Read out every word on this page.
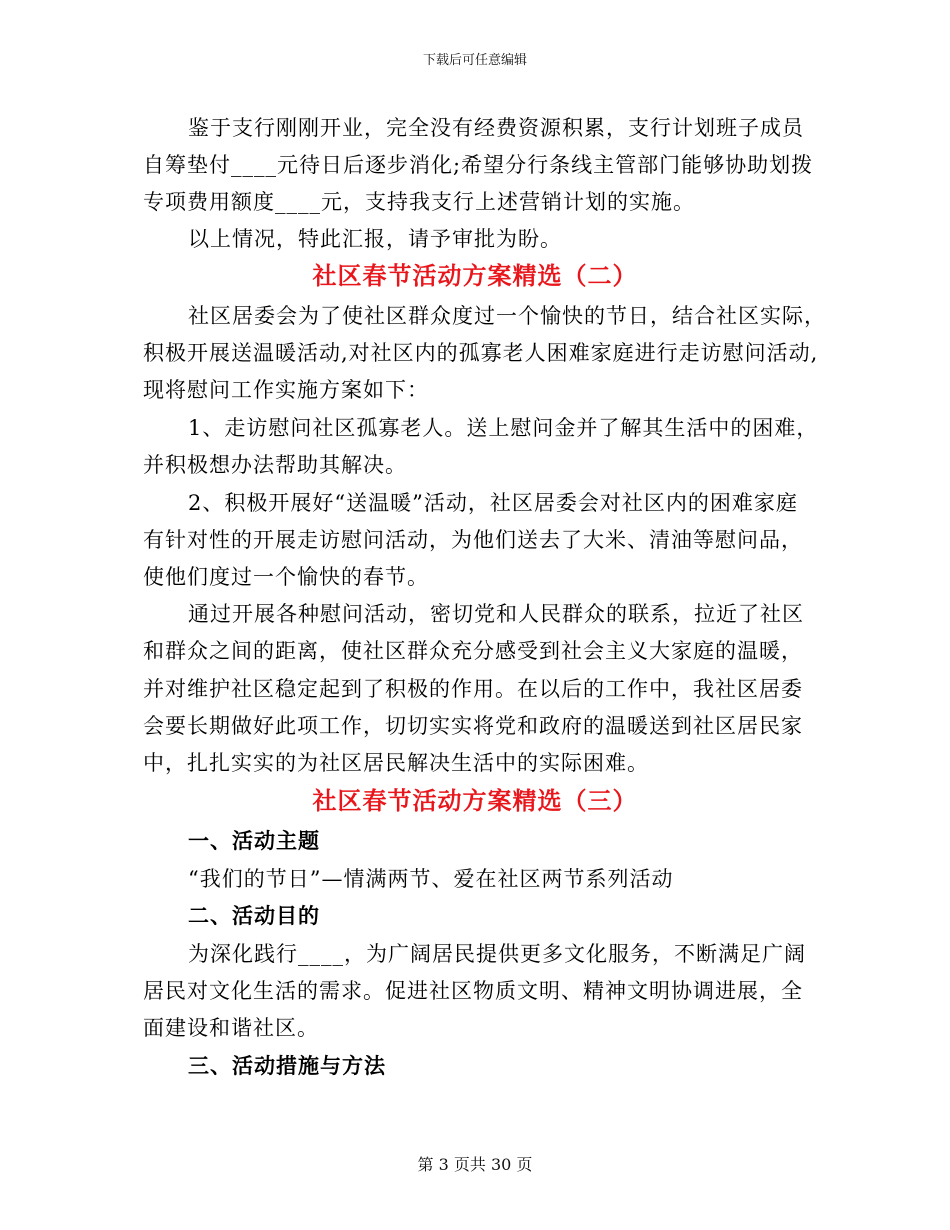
下载后可任意编辑
鉴于支行刚刚开业，完全没有经费资源积累，支行计划班子成员
自筹垫付____元待日后逐步消化;希望分行条线主管部门能够协助划拨
专项费用额度____元，支持我支行上述营销计划的实施。
以上情况，特此汇报，请予审批为盼。
社区春节活动方案精选（二）
社区居委会为了使社区群众度过一个愉快的节日，结合社区实际，
积极开展送温暖活动,对社区内的孤寡老人困难家庭进行走访慰问活动,
现将慰问工作实施方案如下：
1、走访慰问社区孤寡老人。送上慰问金并了解其生活中的困难，
并积极想办法帮助其解决。
2、积极开展好“送温暖”活动，社区居委会对社区内的困难家庭
有针对性的开展走访慰问活动，为他们送去了大米、清油等慰问品，
使他们度过一个愉快的春节。
通过开展各种慰问活动，密切党和人民群众的联系，拉近了社区
和群众之间的距离，使社区群众充分感受到社会主义大家庭的温暖，
并对维护社区稳定起到了积极的作用。在以后的工作中，我社区居委
会要长期做好此项工作，切切实实将党和政府的温暖送到社区居民家
中，扎扎实实的为社区居民解决生活中的实际困难。
社区春节活动方案精选（三）
一、活动主题
“我们的节日”—情满两节、爱在社区两节系列活动
二、活动目的
为深化践行____，为广阔居民提供更多文化服务，不断满足广阔
居民对文化生活的需求。促进社区物质文明、精神文明协调进展，全
面建设和谐社区。
三、活动措施与方法
第 3 页共 30 页
